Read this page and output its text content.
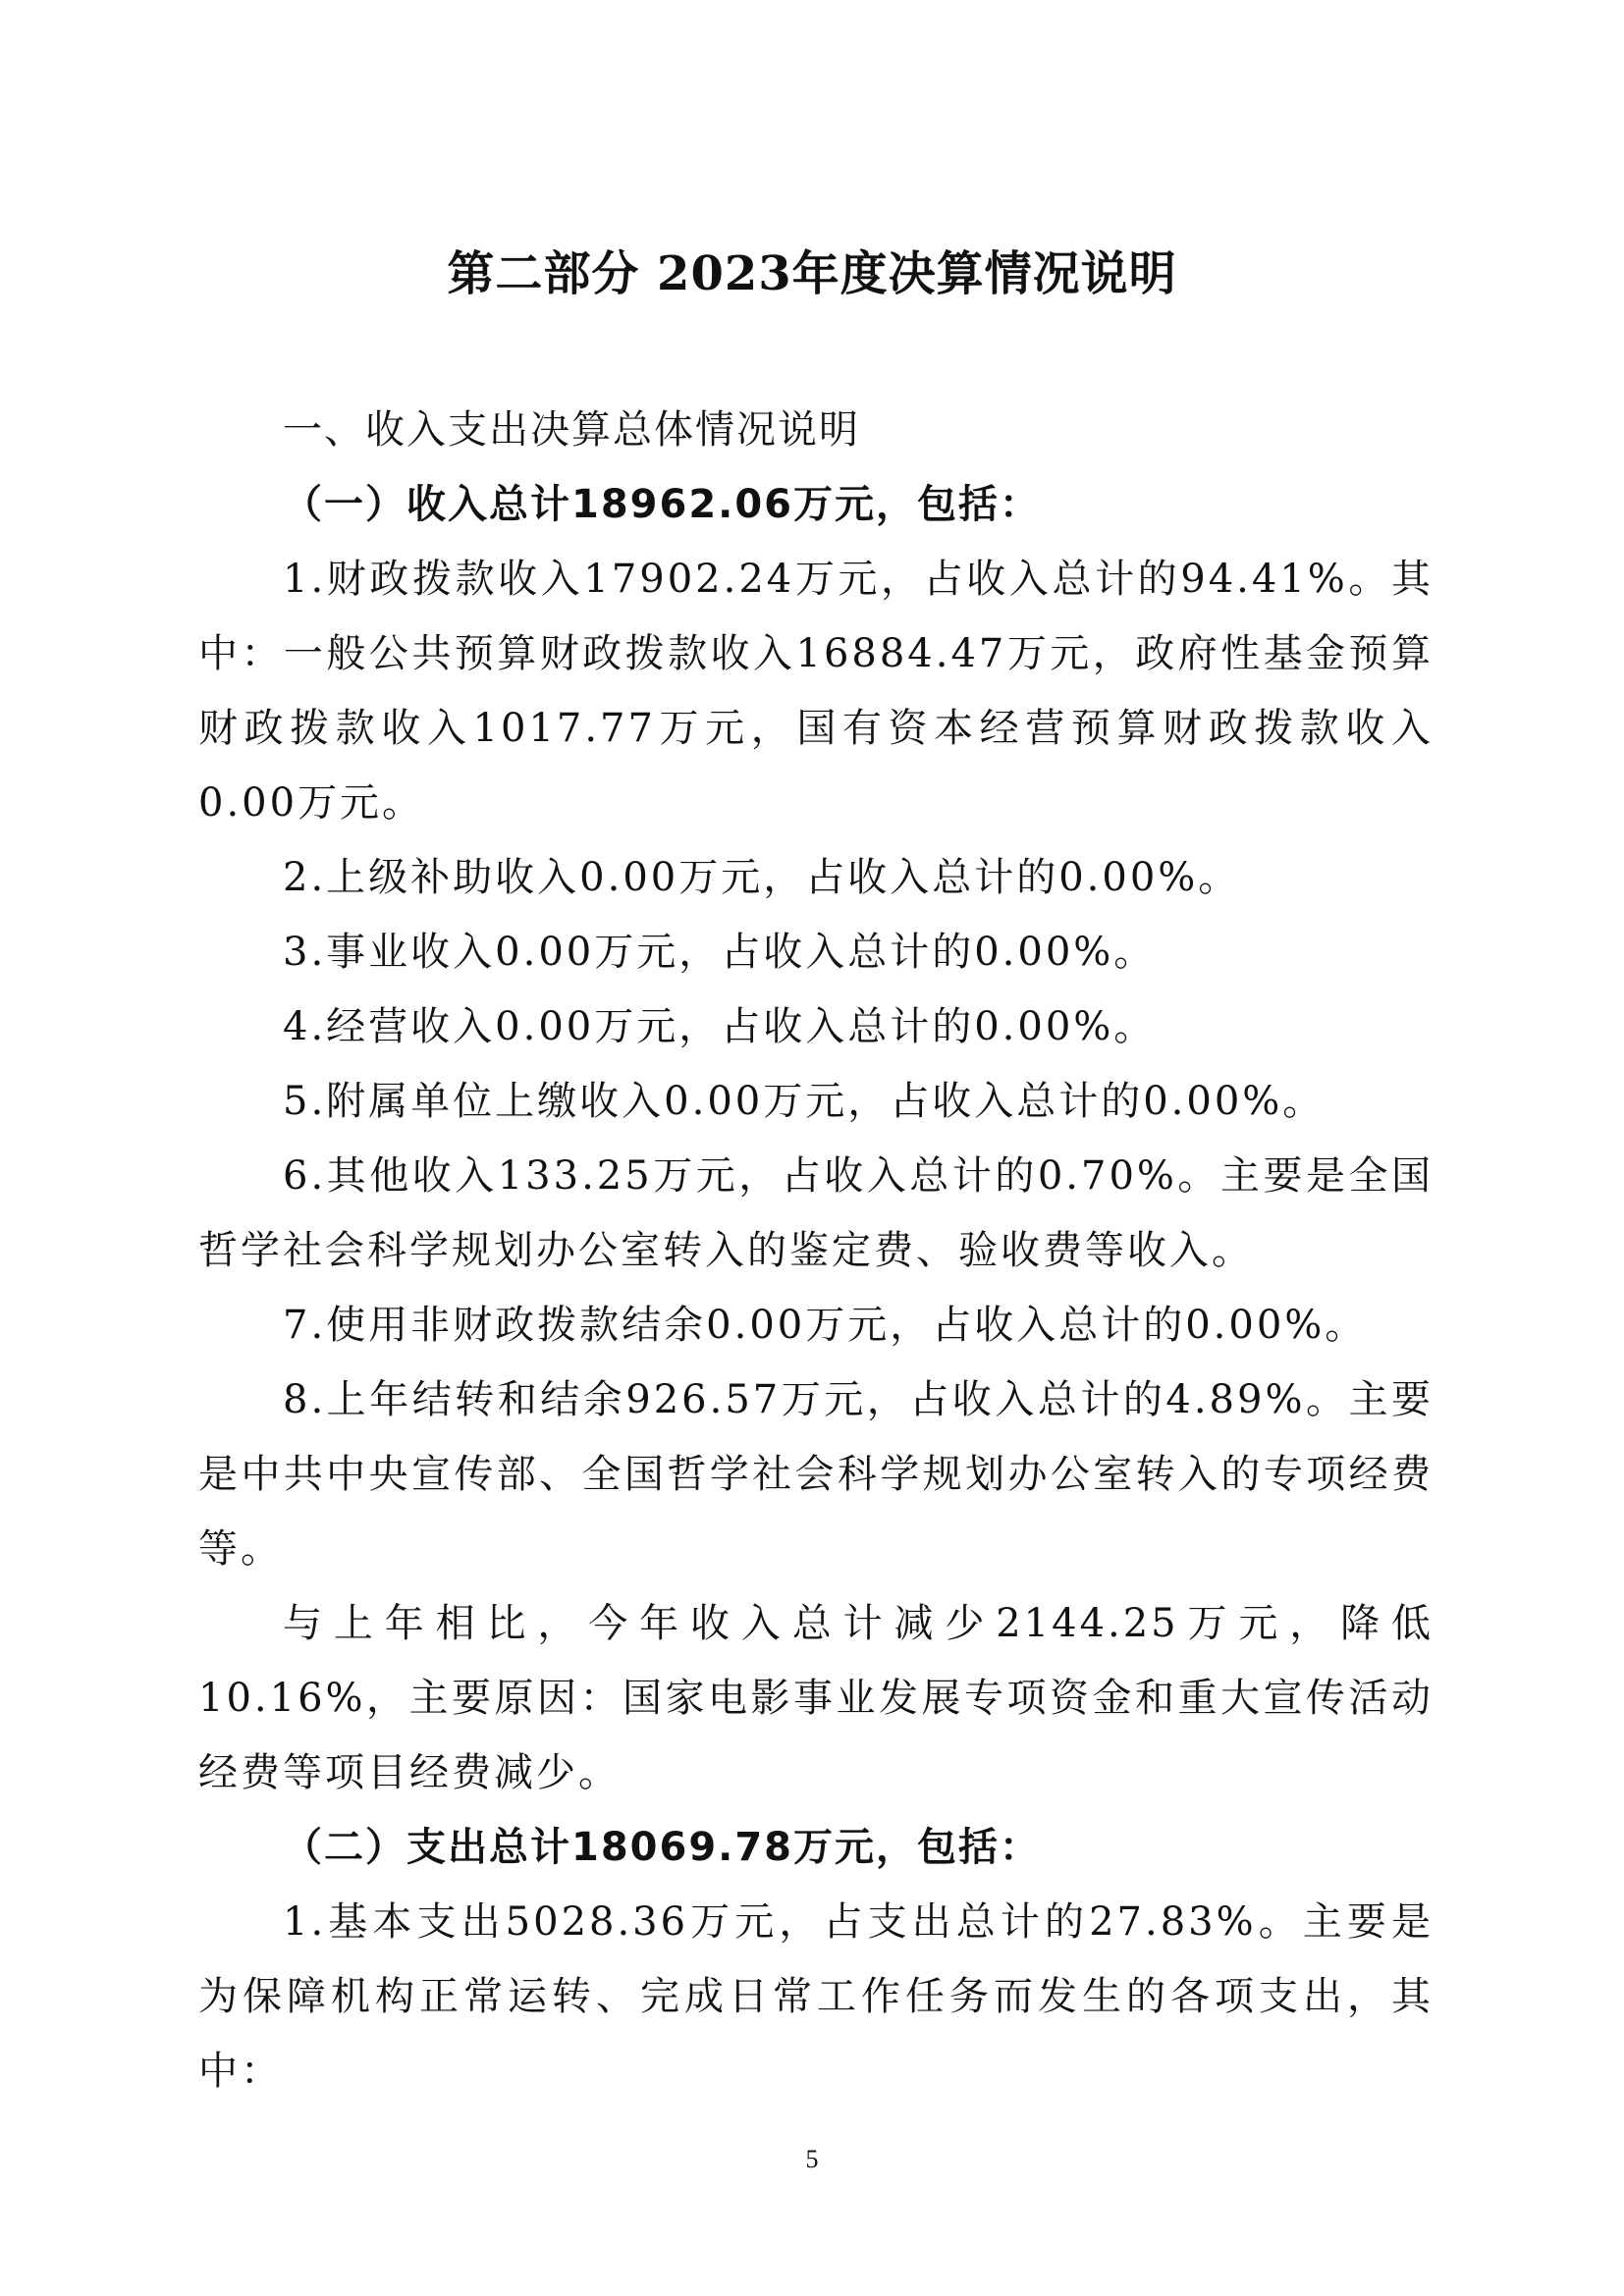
第二部分 2023年度决算情况说明

一、收入支出决算总体情况说明

（一）收入总计18962.06万元，包括：

1.财政拨款收入17902.24万元，占收入总计的94.41%。其中：一般公共预算财政拨款收入16884.47万元，政府性基金预算财政拨款收入1017.77万元，国有资本经营预算财政拨款收入0.00万元。

2.上级补助收入0.00万元，占收入总计的0.00%。

3.事业收入0.00万元，占收入总计的0.00%。

4.经营收入0.00万元，占收入总计的0.00%。

5.附属单位上缴收入0.00万元，占收入总计的0.00%。

6.其他收入133.25万元，占收入总计的0.70%。主要是全国哲学社会科学规划办公室转入的鉴定费、验收费等收入。

7.使用非财政拨款结余0.00万元，占收入总计的0.00%。

8.上年结转和结余926.57万元，占收入总计的4.89%。主要是中共中央宣传部、全国哲学社会科学规划办公室转入的专项经费等。

与上年相比，今年收入总计减少2144.25万元，降低10.16%，主要原因：国家电影事业发展专项资金和重大宣传活动经费等项目经费减少。

（二）支出总计18069.78万元，包括：

1.基本支出5028.36万元，占支出总计的27.83%。主要是为保障机构正常运转、完成日常工作任务而发生的各项支出，其中：

5
